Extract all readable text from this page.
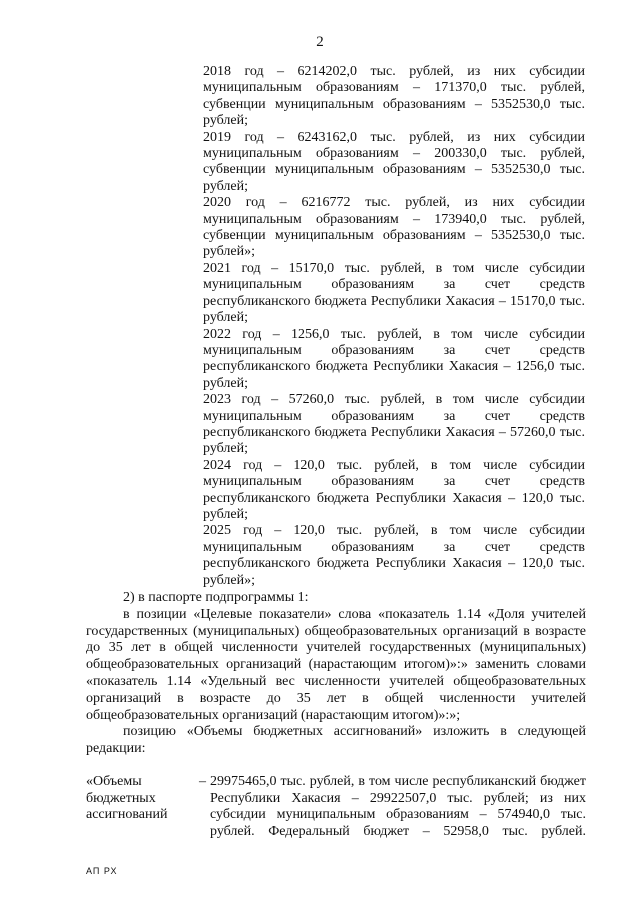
2

2018 год – 6214202,0 тыс. рублей, из них субсидии муниципальным образованиям – 171370,0 тыс. рублей, субвенции муниципальным образованиям – 5352530,0 тыс. рублей;

2019 год – 6243162,0 тыс. рублей, из них субсидии муниципальным образованиям – 200330,0 тыс. рублей, субвенции муниципальным образованиям – 5352530,0 тыс. рублей;

2020 год – 6216772 тыс. рублей, из них субсидии муниципальным образованиям – 173940,0 тыс. рублей, субвенции муниципальным образованиям – 5352530,0 тыс. рублей»;

2021 год – 15170,0 тыс. рублей, в том числе субсидии муниципальным образованиям за счет средств республиканского бюджета Республики Хакасия – 15170,0 тыс. рублей;

2022 год – 1256,0 тыс. рублей, в том числе субсидии муниципальным образованиям за счет средств республиканского бюджета Республики Хакасия – 1256,0 тыс. рублей;

2023 год – 57260,0 тыс. рублей, в том числе субсидии муниципальным образованиям за счет средств республиканского бюджета Республики Хакасия – 57260,0 тыс. рублей;

2024 год – 120,0 тыс. рублей, в том числе субсидии муниципальным образованиям за счет средств республиканского бюджета Республики Хакасия – 120,0 тыс. рублей;

2025 год – 120,0 тыс. рублей, в том числе субсидии муниципальным образованиям за счет средств республиканского бюджета Республики Хакасия – 120,0 тыс. рублей»;

2) в паспорте подпрограммы 1:

в позиции «Целевые показатели» слова «показатель 1.14 «Доля учителей государственных (муниципальных) общеобразовательных организаций в возрасте до 35 лет в общей численности учителей государственных (муниципальных) общеобразовательных организаций (нарастающим итогом)»:» заменить словами «показатель 1.14 «Удельный вес численности учителей общеобразовательных организаций в возрасте до 35 лет в общей численности учителей общеобразовательных организаций (нарастающим итогом)»:»;

позицию «Объемы бюджетных ассигнований» изложить в следующей редакции:

«Объемы бюджетных ассигнований
– 29975465,0 тыс. рублей, в том числе республиканский бюджет Республики Хакасия – 29922507,0 тыс. рублей; из них субсидии муниципальным образованиям – 574940,0 тыс. рублей. Федеральный бюджет – 52958,0 тыс. рублей.
АП РХ
